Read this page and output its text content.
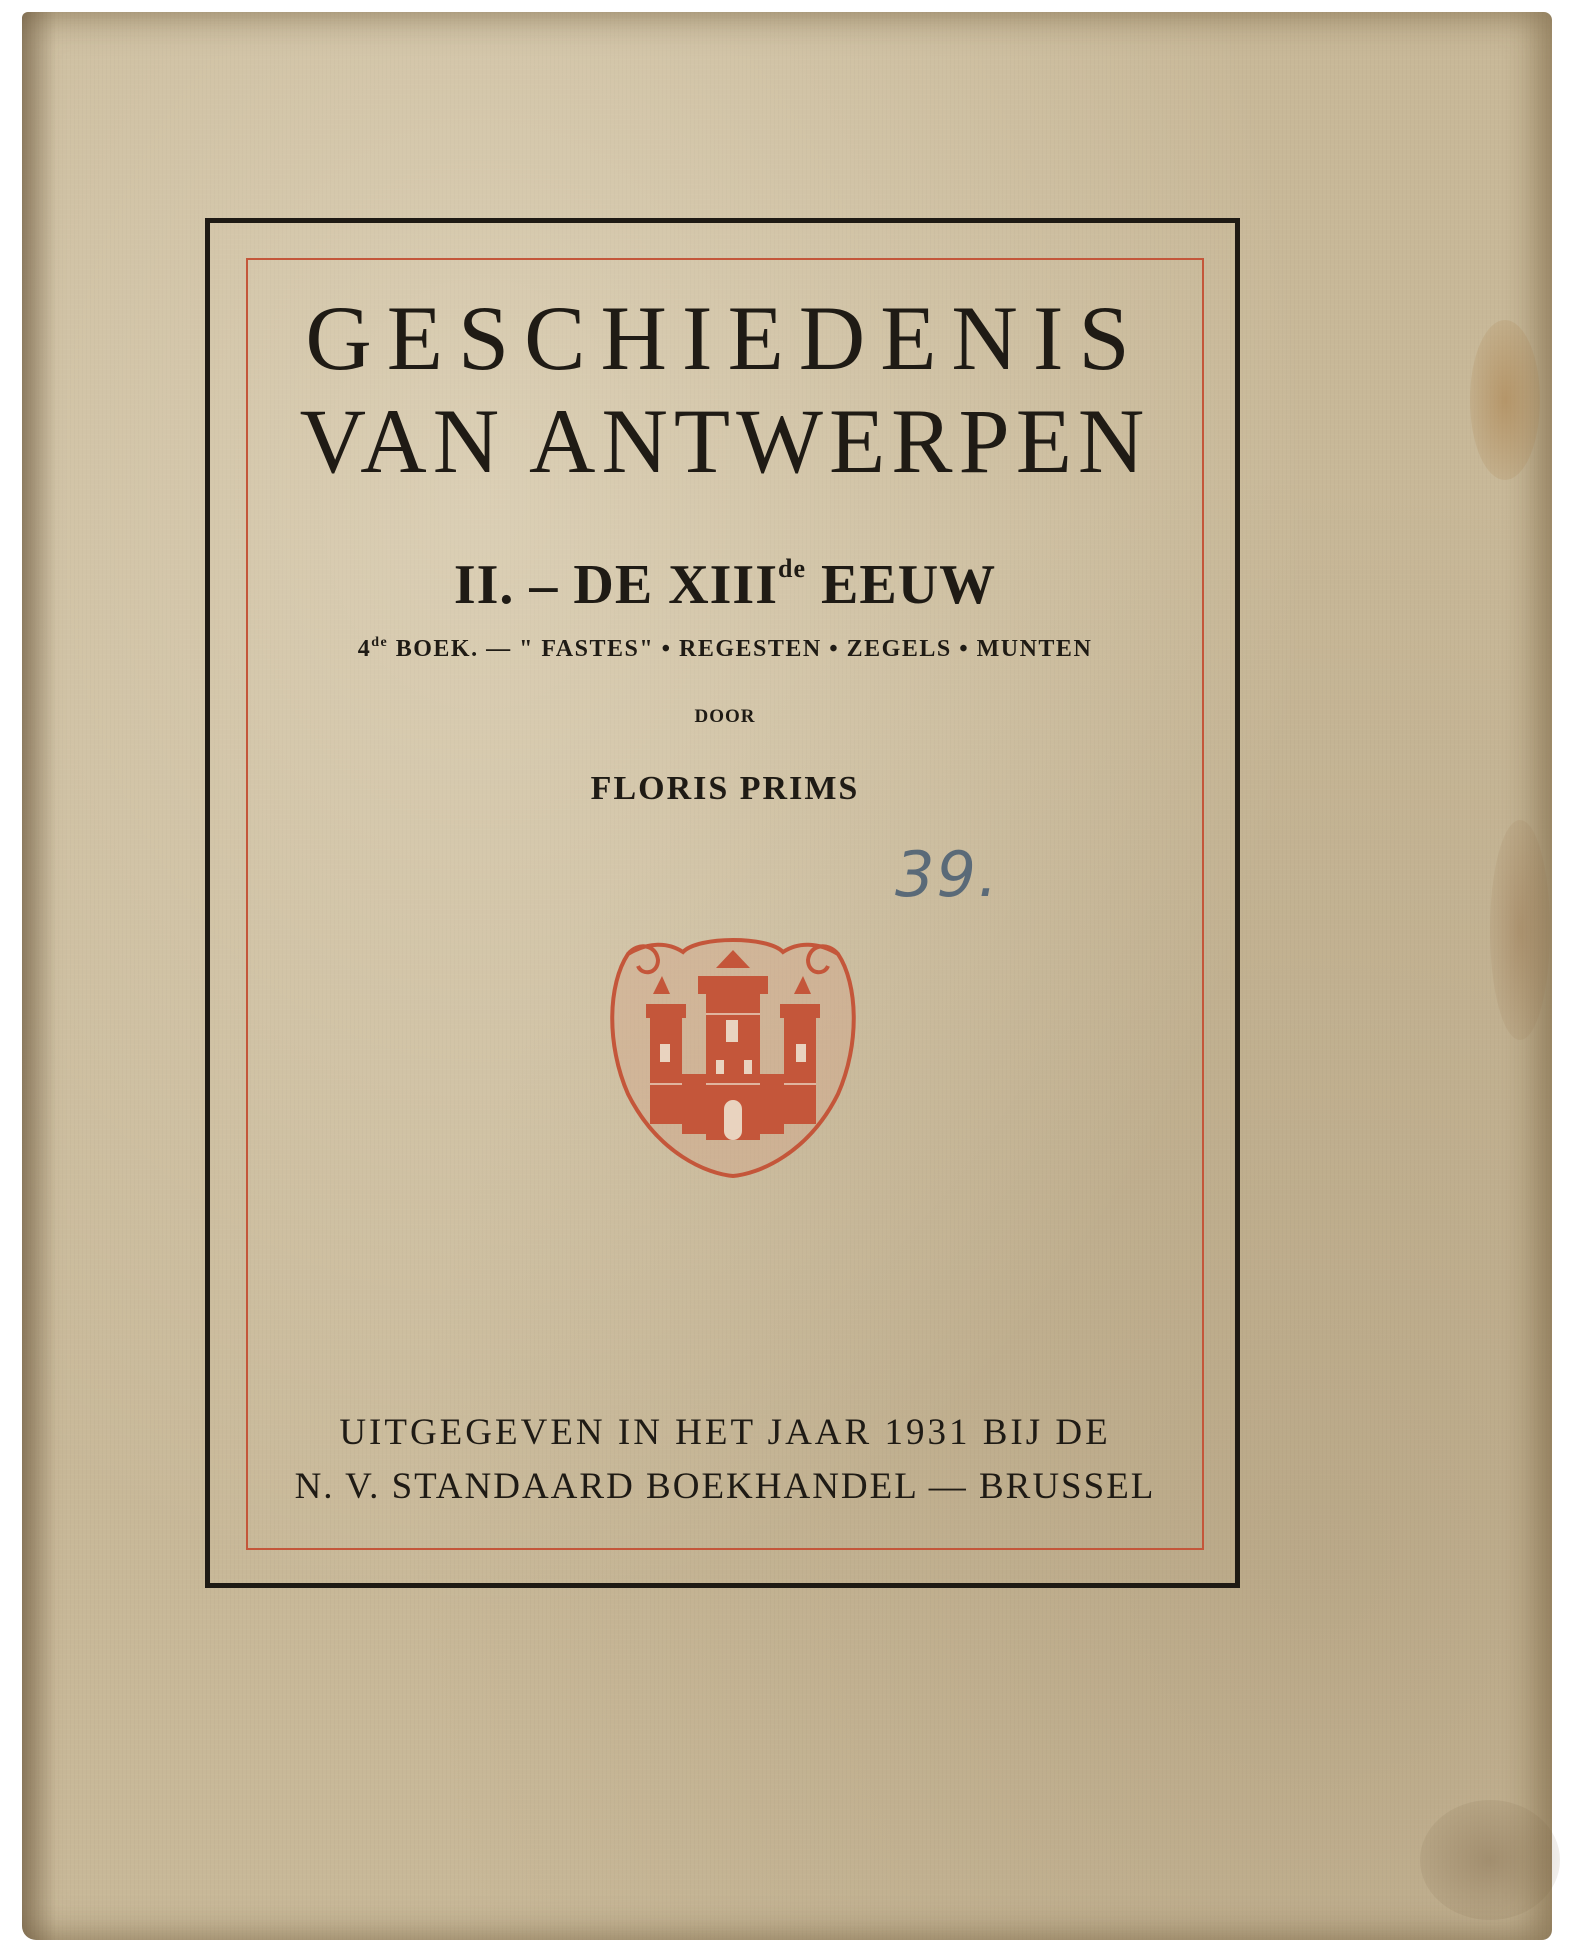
GESCHIEDENIS
VAN ANTWERPEN
II. – DE XIIIde EEUW
4de BOEK. — " FASTES" • REGESTEN • ZEGELS • MUNTEN
DOOR
FLORIS PRIMS
39.
UITGEGEVEN IN HET JAAR 1931 BIJ DE
N. V. STANDAARD BOEKHANDEL — BRUSSEL
